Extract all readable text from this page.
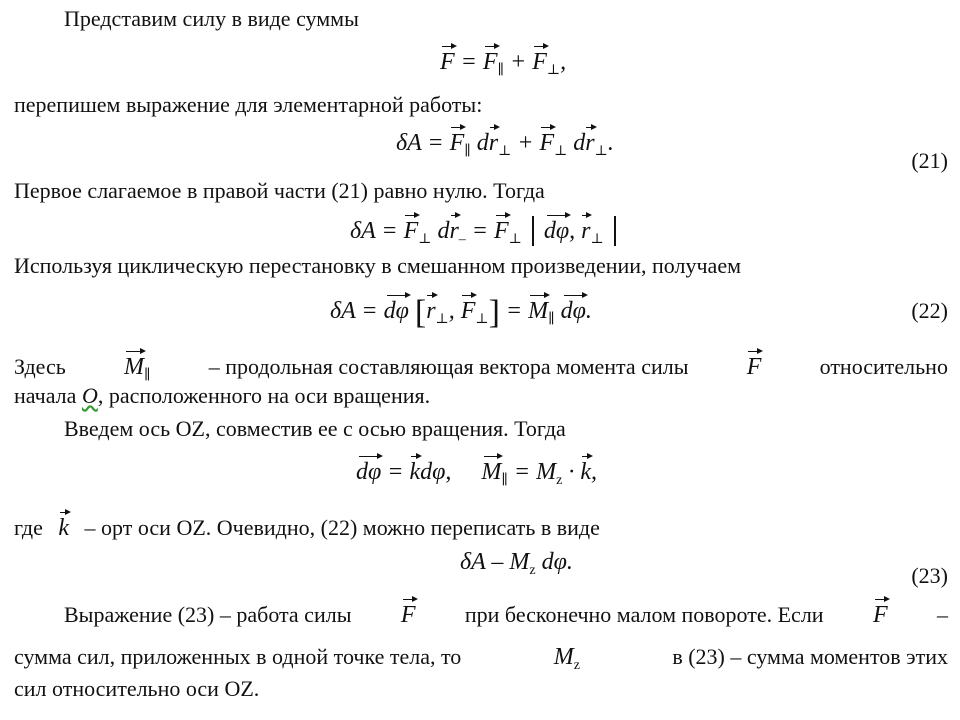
Представим силу в виде суммы
$F = F_\parallel + F_\perp$,
перепишем выражение для элементарной работы:
$\delta A = F_\parallel$ $dr_\perp + F_\perp$ $dr_\perp$.
(21)
Первое слагаемое в правой части (21) равно нулю. Тогда
$\delta A = F_\perp$ $dr_- = F_\perp$ dφ, $r_\perp$
Используя циклическую перестановку в смешанном произведении, получаем
δA = dφ [$r_\perp$, $F_\perp] = M_\parallel$ dφ.	(22)
Здесь $M_\parallel$	– продольная составляющая вектора момента силы F	относительно
начала O, расположенного на оси вращения.
Введем ось OZ, совместив ее с осью вращения. Тогда
dφ = kdφ, $M_\parallel = M_z \cdot k$,
где k – орт оси OZ. Очевидно, (22) можно переписать в виде
δA – $M_z$ dφ.
(23)
Выражение (23) – работа силы F при бесконечно малом повороте. Если F –
сумма сил, приложенных в одной точке тела, то	$M_z$	в (23) – сумма моментов этих
сил относительно оси OZ.
